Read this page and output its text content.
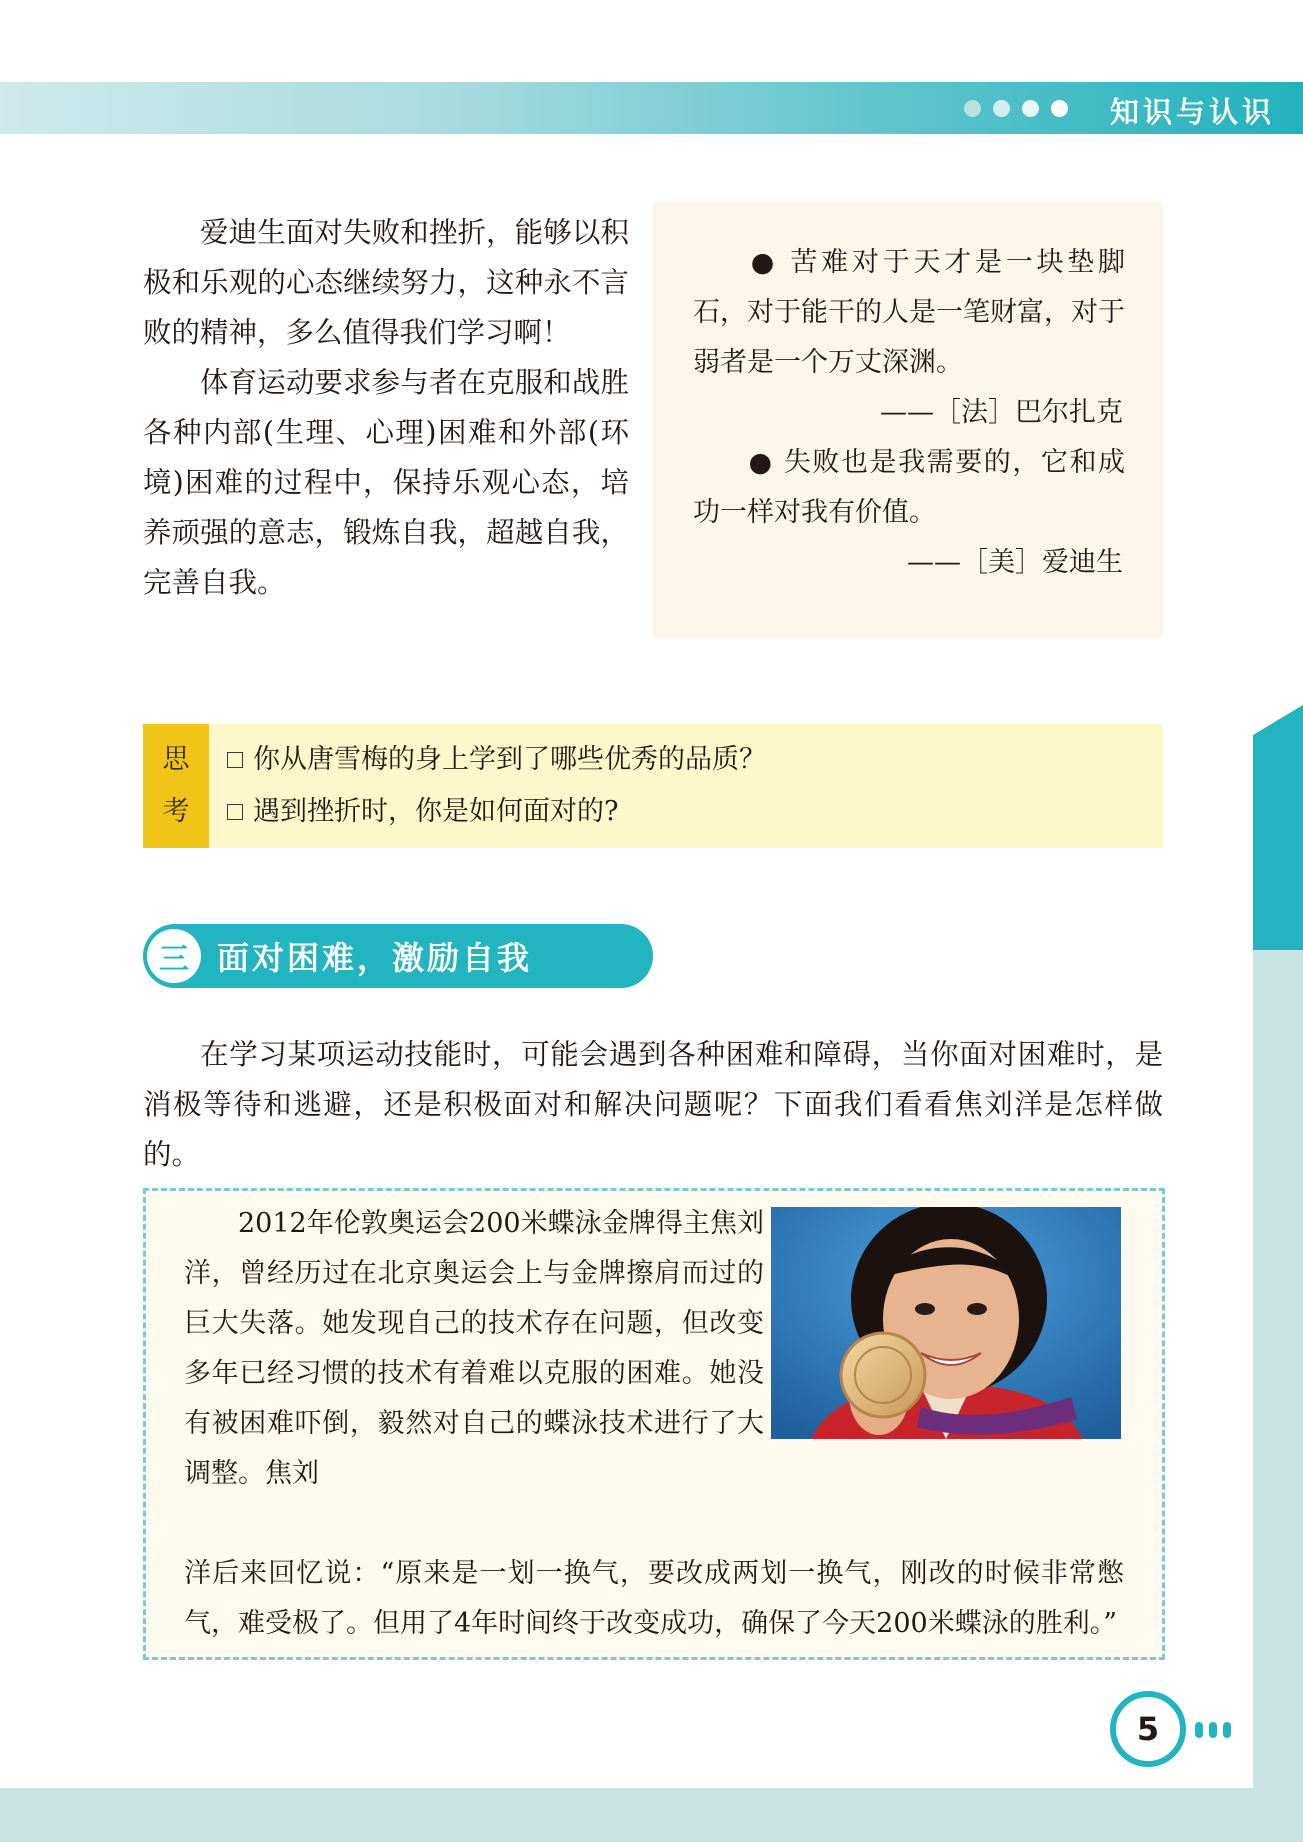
知识与认识

爱迪生面对失败和挫折，能够以积极和乐观的心态继续努力，这种永不言败的精神，多么值得我们学习啊！

体育运动要求参与者在克服和战胜各种内部(生理、心理)困难和外部(环境)困难的过程中，保持乐观心态，培养顽强的意志，锻炼自我，超越自我，完善自我。

● 苦难对于天才是一块垫脚石，对于能干的人是一笔财富，对于弱者是一个万丈深渊。
——［法］巴尔扎克
● 失败也是我需要的，它和成功一样对我有价值。
——［美］爱迪生
思
考
你从唐雪梅的身上学到了哪些优秀的品质？
遇到挫折时，你是如何面对的?
三 面对困难，激励自我

在学习某项运动技能时，可能会遇到各种困难和障碍，当你面对困难时，是消极等待和逃避，还是积极面对和解决问题呢？下面我们看看焦刘洋是怎样做的。

2012年伦敦奥运会200米蝶泳金牌得主焦刘洋，曾经历过在北京奥运会上与金牌擦肩而过的巨大失落。她发现自己的技术存在问题，但改变多年已经习惯的技术有着难以克服的困难。她没有被困难吓倒，毅然对自己的蝶泳技术进行了大调整。焦刘
洋后来回忆说：“原来是一划一换气，要改成两划一换气，刚改的时候非常憋气，难受极了。但用了4年时间终于改变成功，确保了今天200米蝶泳的胜利。”
5
